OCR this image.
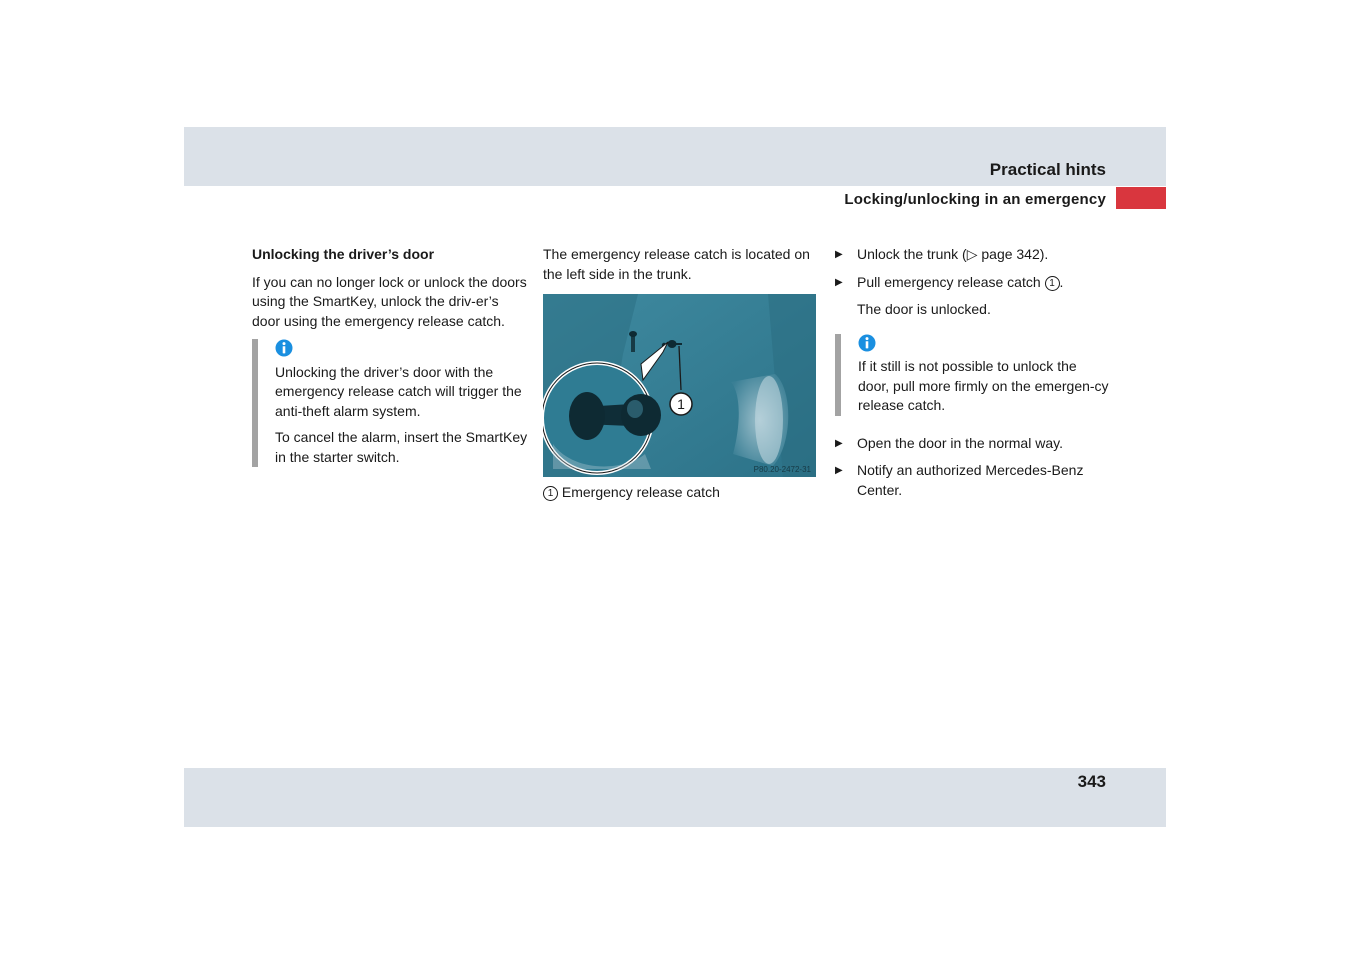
Practical hints
Locking/unlocking in an emergency

Unlocking the driver’s door

If you can no longer lock or unlock the doors using the SmartKey, unlock the driv-er’s door using the emergency release catch.

Unlocking the driver’s door with the emergency release catch will trigger the anti-theft alarm system.

To cancel the alarm, insert the SmartKey in the starter switch.

The emergency release catch is located on the left side in the trunk.

1
P80.20-2472-31

1 Emergency release catch

▶ Unlock the trunk (▷ page 342).

▶ Pull emergency release catch 1 .

The door is unlocked.

If it still is not possible to unlock the door, pull more firmly on the emergen-cy release catch.

▶ Open the door in the normal way.

▶ Notify an authorized Mercedes-Benz Center.

343
